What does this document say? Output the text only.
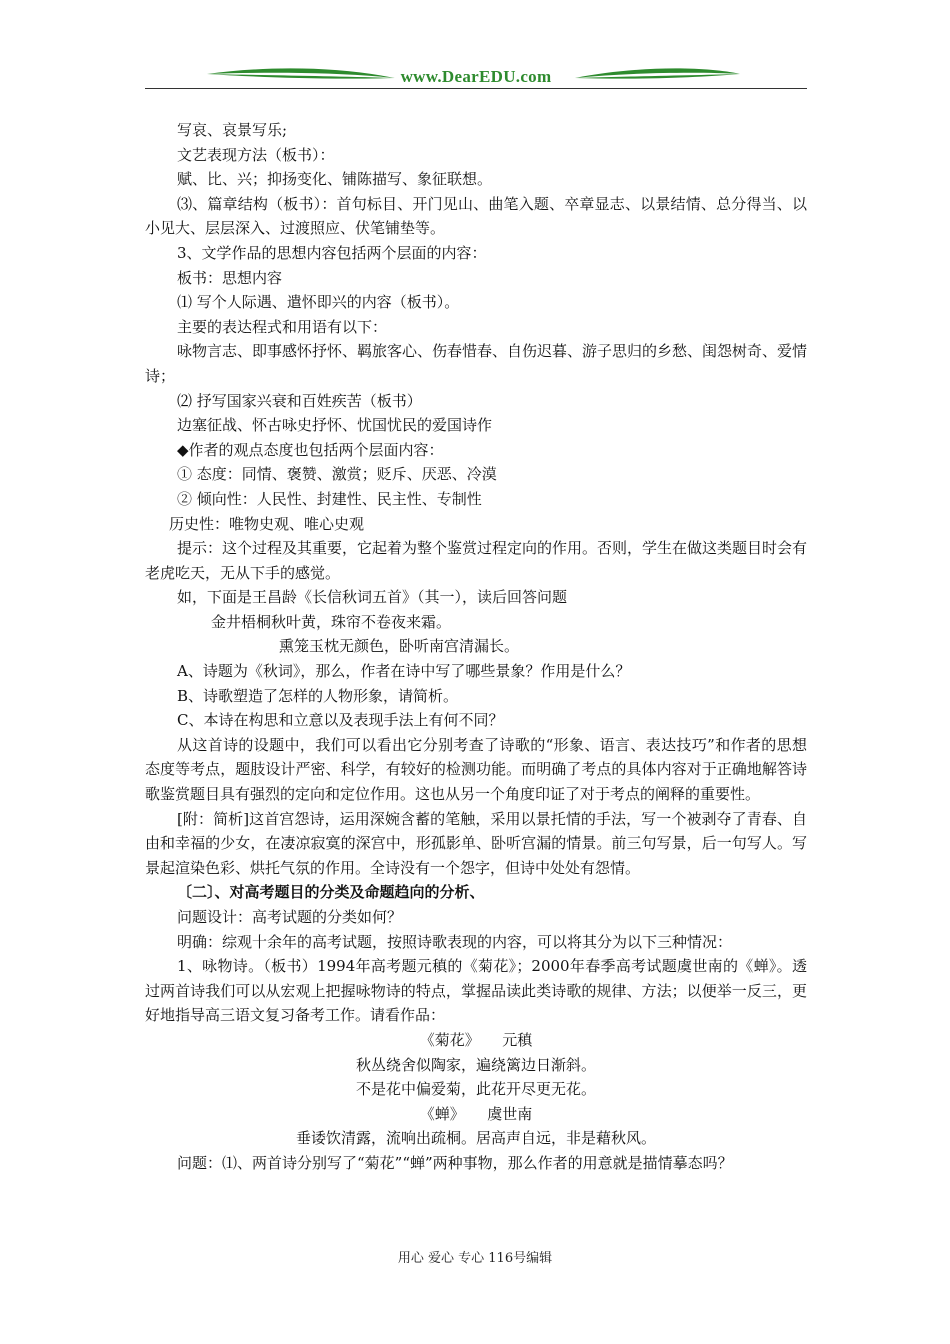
www.DearEDU.com

写哀、哀景写乐;

文艺表现方法（板书）：

赋、比、兴；抑扬变化、铺陈描写、象征联想。

⑶、篇章结构（板书）：首句标目、开门见山、曲笔入题、卒章显志、以景结情、总分得当、以小见大、层层深入、过渡照应、伏笔铺垫等。

3、文学作品的思想内容包括两个层面的内容：

板书：思想内容

⑴ 写个人际遇、遣怀即兴的内容（板书）。

主要的表达程式和用语有以下：

咏物言志、即事感怀抒怀、羁旅客心、伤春惜春、自伤迟暮、游子思归的乡愁、闺怨树奇、爱情诗；

⑵ 抒写国家兴衰和百姓疾苦（板书）

边塞征战、怀古咏史抒怀、忧国忧民的爱国诗作

◆作者的观点态度也包括两个层面内容：

① 态度：同情、褒赞、激赏；贬斥、厌恶、冷漠

② 倾向性：人民性、封建性、民主性、专制性

历史性：唯物史观、唯心史观

提示：这个过程及其重要，它起着为整个鉴赏过程定向的作用。否则，学生在做这类题目时会有老虎吃天，无从下手的感觉。

如，下面是王昌龄《长信秋词五首》（其一），读后回答问题

金井梧桐秋叶黄，珠帘不卷夜来霜。

熏笼玉枕无颜色，卧听南宫清漏长。

A、诗题为《秋词》，那么，作者在诗中写了哪些景象？作用是什么？

B、诗歌塑造了怎样的人物形象，请简析。

C、本诗在构思和立意以及表现手法上有何不同？

从这首诗的设题中，我们可以看出它分别考查了诗歌的“形象、语言、表达技巧”和作者的思想态度等考点，题肢设计严密、科学，有较好的检测功能。而明确了考点的具体内容对于正确地解答诗歌鉴赏题目具有强烈的定向和定位作用。这也从另一个角度印证了对于考点的阐释的重要性。

[附：简析]这首宫怨诗，运用深婉含蓄的笔触，采用以景托情的手法，写一个被剥夺了青春、自由和幸福的少女，在凄凉寂寞的深宫中，形孤影单、卧听宫漏的情景。前三句写景，后一句写人。写景起渲染色彩、烘托气氛的作用。全诗没有一个怨字，但诗中处处有怨情。

〔二〕、对高考题目的分类及命题趋向的分析、

问题设计：高考试题的分类如何？

明确：综观十余年的高考试题，按照诗歌表现的内容，可以将其分为以下三种情况：

1、咏物诗。（板书）1994年高考题元稹的《菊花》；2000年春季高考试题虞世南的《蝉》。透过两首诗我们可以从宏观上把握咏物诗的特点，掌握品读此类诗歌的规律、方法；以便举一反三，更好地指导高三语文复习备考工作。请看作品：

《菊花》　　元稹

秋丛绕舍似陶家，遍绕篱边日渐斜。

不是花中偏爱菊，此花开尽更无花。

《蝉》　　虞世南

垂诿饮清露，流响出疏桐。居高声自远，非是藉秋风。

问题：⑴、两首诗分别写了“菊花”“蝉”两种事物，那么作者的用意就是描情摹态吗？

用心 爱心 专心 116号编辑
